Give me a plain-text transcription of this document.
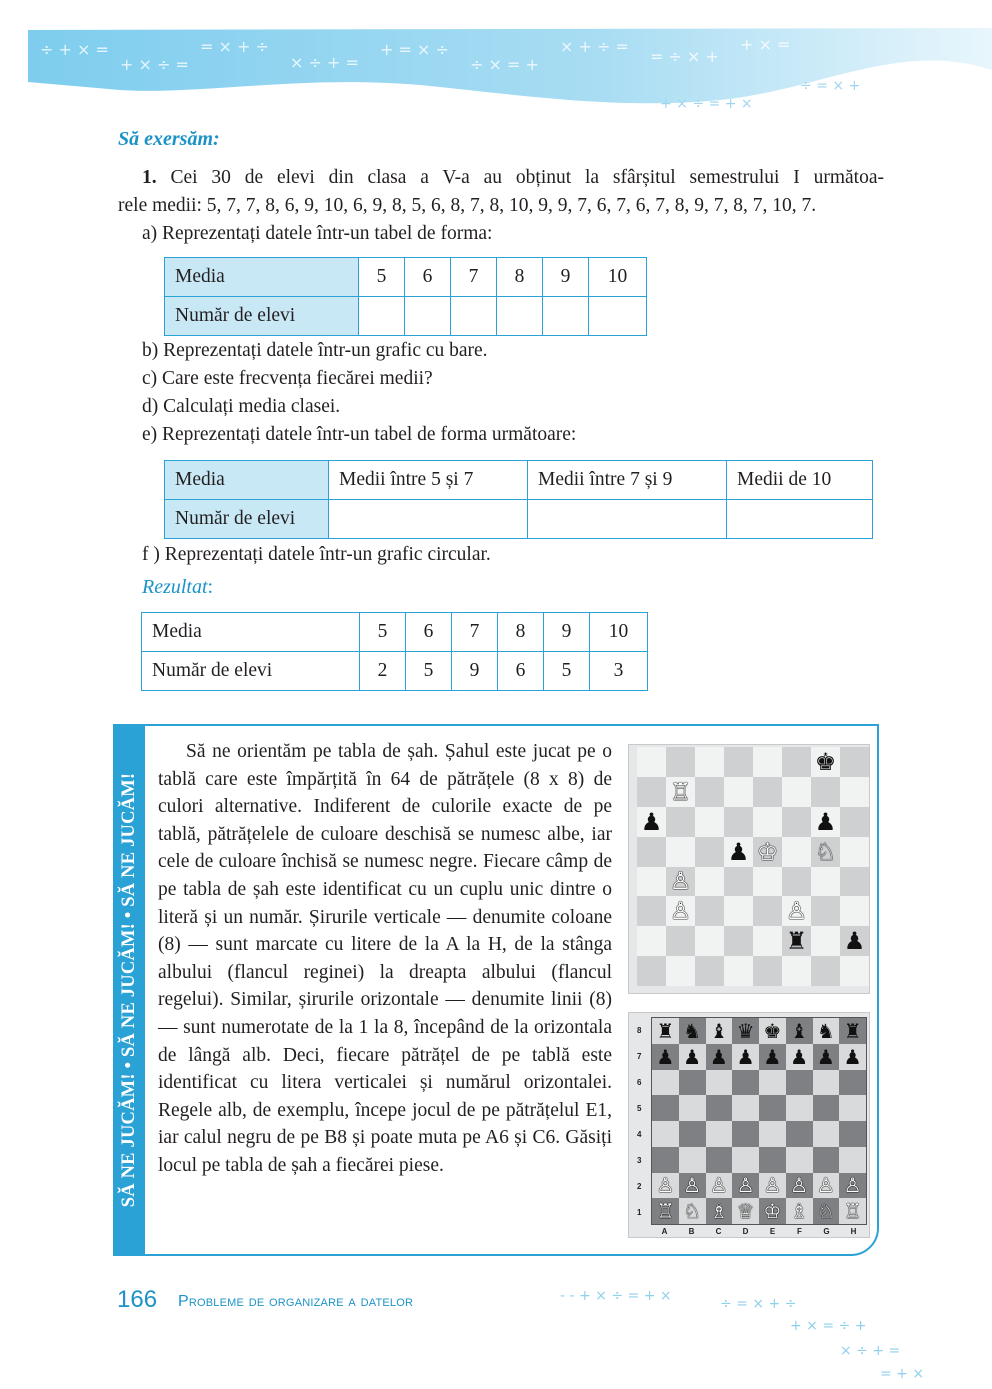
÷ + × =
+ × ÷ =
= × + ÷
× ÷ + =
+ = × ÷
÷ × = +
× + ÷ =
= ÷ × +
+ × =
+ × ÷ = + ×
÷ = × +
Să exersăm:

1. Cei 30 de elevi din clasa a V-a au obținut la sfârșitul semestrului I următoa-

rele medii: 5, 7, 7, 8, 6, 9, 10, 6, 9, 8, 5, 6, 8, 7, 8, 10, 9, 9, 7, 6, 7, 6, 7, 8, 9, 7, 8, 7, 10, 7.

a) Reprezentați datele într-un tabel de forma:

Media	5	6	7	8	9	10
Număr de elevi						
b) Reprezentați datele într-un grafic cu bare.
c) Care este frecvența fiecărei medii?
d) Calculați media clasei.
e) Reprezentați datele într-un tabel de forma următoare:
Media	Medii între 5 și 7	Medii între 7 și 9	Medii de 10
Număr de elevi			
f ) Reprezentați datele într-un grafic circular.
Rezultat:
Media	5	6	7	8	9	10
Număr de elevi	2	5	9	6	5	3
SĂ NE JUCĂM! • SĂ NE JUCĂM! • SĂ NE JUCĂM!

Să ne orientăm pe tabla de șah. Șahul este jucat pe o tablă care este împărțită în 64 de pătrățele (8 x 8) de culori alternative. Indiferent de culorile exacte de pe tablă, pătrățelele de culoare deschisă se numesc albe, iar cele de culoare închisă se numesc negre. Fiecare câmp de pe tabla de șah este identificat cu un cuplu unic dintre o literă și un număr. Șirurile verticale — denumite coloane (8) — sunt marcate cu litere de la A la H, de la stânga albului (flancul reginei) la dreapta albului (flancul regelui). Similar, șirurile orizontale — denumite linii (8) — sunt numerotate de la 1 la 8, începând de la orizontala de lângă alb. Deci, fiecare pătrățel de pe tablă este identificat cu litera verticalei și numărul orizontalei. Regele alb, de exemplu, începe jocul de pe pătrățelul E1, iar calul negru de pe B8 și poate muta pe A6 și C6. Găsiți locul pe tabla de șah a fiecărei piese.

♚
♖
♟	♟
♟ ♔ ♘
♙
♙	♙
♜ ♟
♜ ♞ ♝ ♛ ♚ ♝ ♞ ♜
♟ ♟ ♟ ♟ ♟ ♟ ♟ ♟
♙ ♙ ♙ ♙ ♙ ♙ ♙ ♙
♖ ♘ ♗ ♕ ♔ ♗ ♘ ♖
8
7
6
5
4
3
2
1
A	B	C	D	E	F	G	H
166 Probleme de organizare a datelor	- - + × ÷ = + ×	÷ = × + ÷
+ × = ÷ +
× ÷ + =
= + ×
